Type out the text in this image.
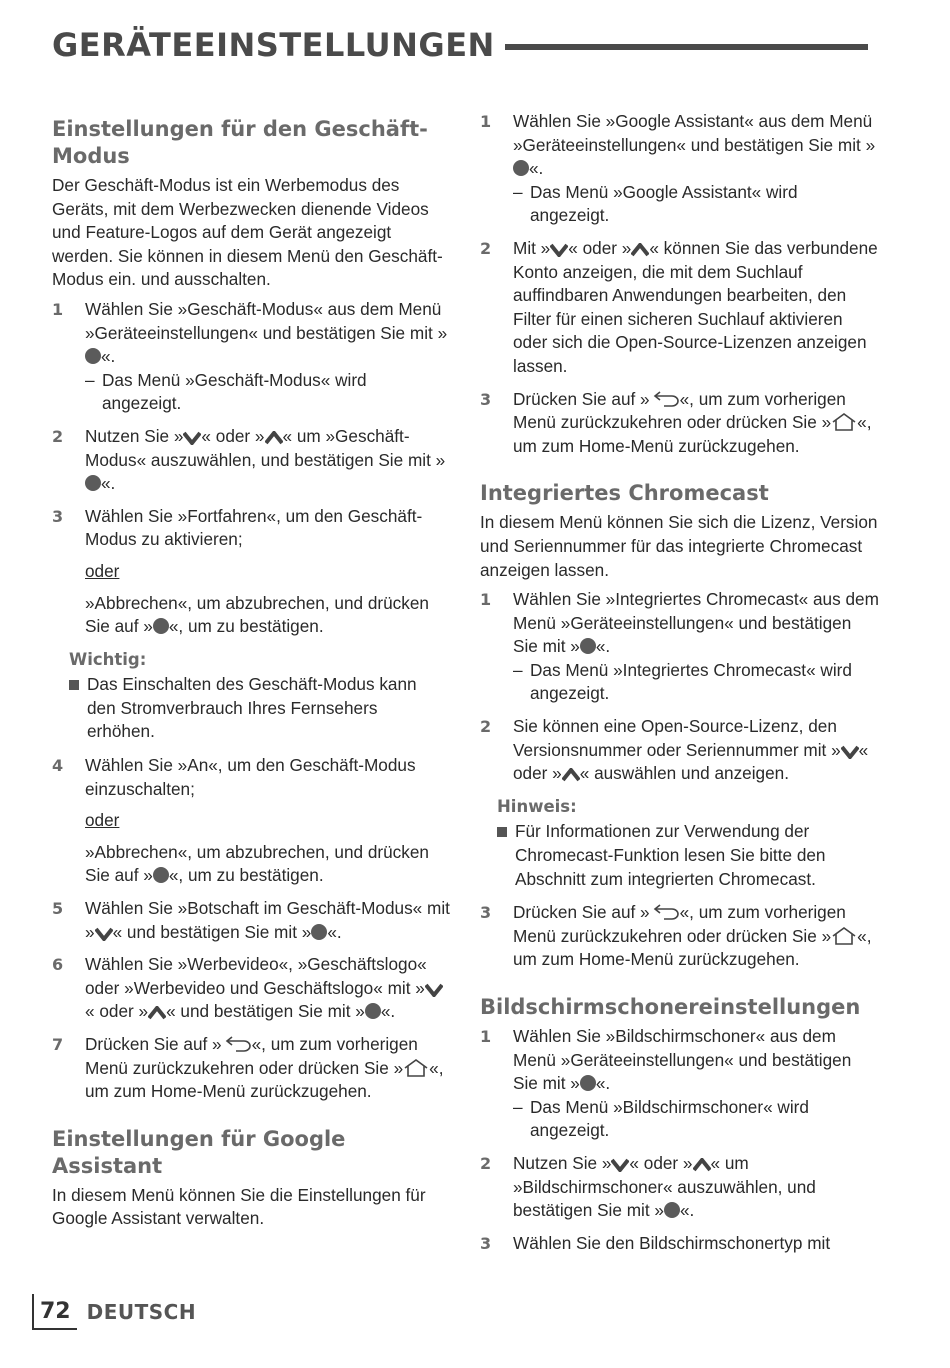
GERÄTEEINSTELLUNGEN
Einstellungen für den Geschäft-Modus

Der Geschäft-Modus ist ein Werbemodus des Geräts, mit dem Werbezwecken dienende Videos und Feature-Logos auf dem Gerät angezeigt werden. Sie können in diesem Menü den Geschäft-Modus ein. und ausschalten.

1	Wählen Sie »Geschäft-Modus« aus dem Menü »Geräteeinstellungen« und bestätigen Sie mit »«.
– Das Menü »Geschäft-Modus« wird angezeigt.
2	Nutzen Sie » « oder » « um »Geschäft-Modus« auszuwählen, und bestätigen Sie mit »«.
3	Wählen Sie »Fortfahren«, um den Geschäft-Modus zu aktivieren;
oder
»Abbrechen«, um abzubrechen, und drücken Sie auf » «, um zu bestätigen.
Wichtig:
Das Einschalten des Geschäft-Modus kann den Stromverbrauch Ihres Fernsehers erhöhen.
4	Wählen Sie »An«, um den Geschäft-Modus einzuschalten;
oder
»Abbrechen«, um abzubrechen, und drücken Sie auf » «, um zu bestätigen.
5	Wählen Sie »Botschaft im Geschäft-Modus« mit » « und bestätigen Sie mit » «.
6	Wählen Sie »Werbevideo«, »Geschäftslogo« oder »Werbevideo und Geschäftslogo« mit »« oder » « und bestätigen Sie mit » «.
7	Drücken Sie auf » «, um zum vorherigen Menü zurückzukehren oder drücken Sie » «, um zum Home-Menü zurückzugehen.
Einstellungen für Google Assistant

In diesem Menü können Sie die Einstellungen für Google Assistant verwalten.

1	Wählen Sie »Google Assistant« aus dem Menü »Geräteeinstellungen« und bestätigen Sie mit »«.
– Das Menü »Google Assistant« wird angezeigt.
2	Mit » « oder » « können Sie das verbundene Konto anzeigen, die mit dem Suchlauf auffindbaren Anwendungen bearbeiten, den Filter für einen sicheren Suchlauf aktivieren oder sich die Open-Source-Lizenzen anzeigen lassen.
3	Drücken Sie auf » «, um zum vorherigen Menü zurückzukehren oder drücken Sie » «, um zum Home-Menü zurückzugehen.
Integriertes Chromecast

In diesem Menü können Sie sich die Lizenz, Version und Seriennummer für das integrierte Chromecast anzeigen lassen.

1	Wählen Sie »Integriertes Chromecast« aus dem Menü »Geräteeinstellungen« und bestätigen Sie mit » «.
– Das Menü »Integriertes Chromecast« wird angezeigt.
2	Sie können eine Open-Source-Lizenz, den Versionsnummer oder Seriennummer mit » « oder » « auswählen und anzeigen.
Hinweis:
Für Informationen zur Verwendung der Chromecast-Funktion lesen Sie bitte den Abschnitt zum integrierten Chromecast.
3	Drücken Sie auf » «, um zum vorherigen Menü zurückzukehren oder drücken Sie » «, um zum Home-Menü zurückzugehen.
Bildschirmschonereinstellungen
1	Wählen Sie »Bildschirmschoner« aus dem Menü »Geräteeinstellungen« und bestätigen Sie mit » «.
– Das Menü »Bildschirmschoner« wird angezeigt.
2	Nutzen Sie » « oder » « um »Bildschirmschoner« auszuwählen, und bestätigen Sie mit » «.
3	Wählen Sie den Bildschirmschonertyp mit
72 DEUTSCH
